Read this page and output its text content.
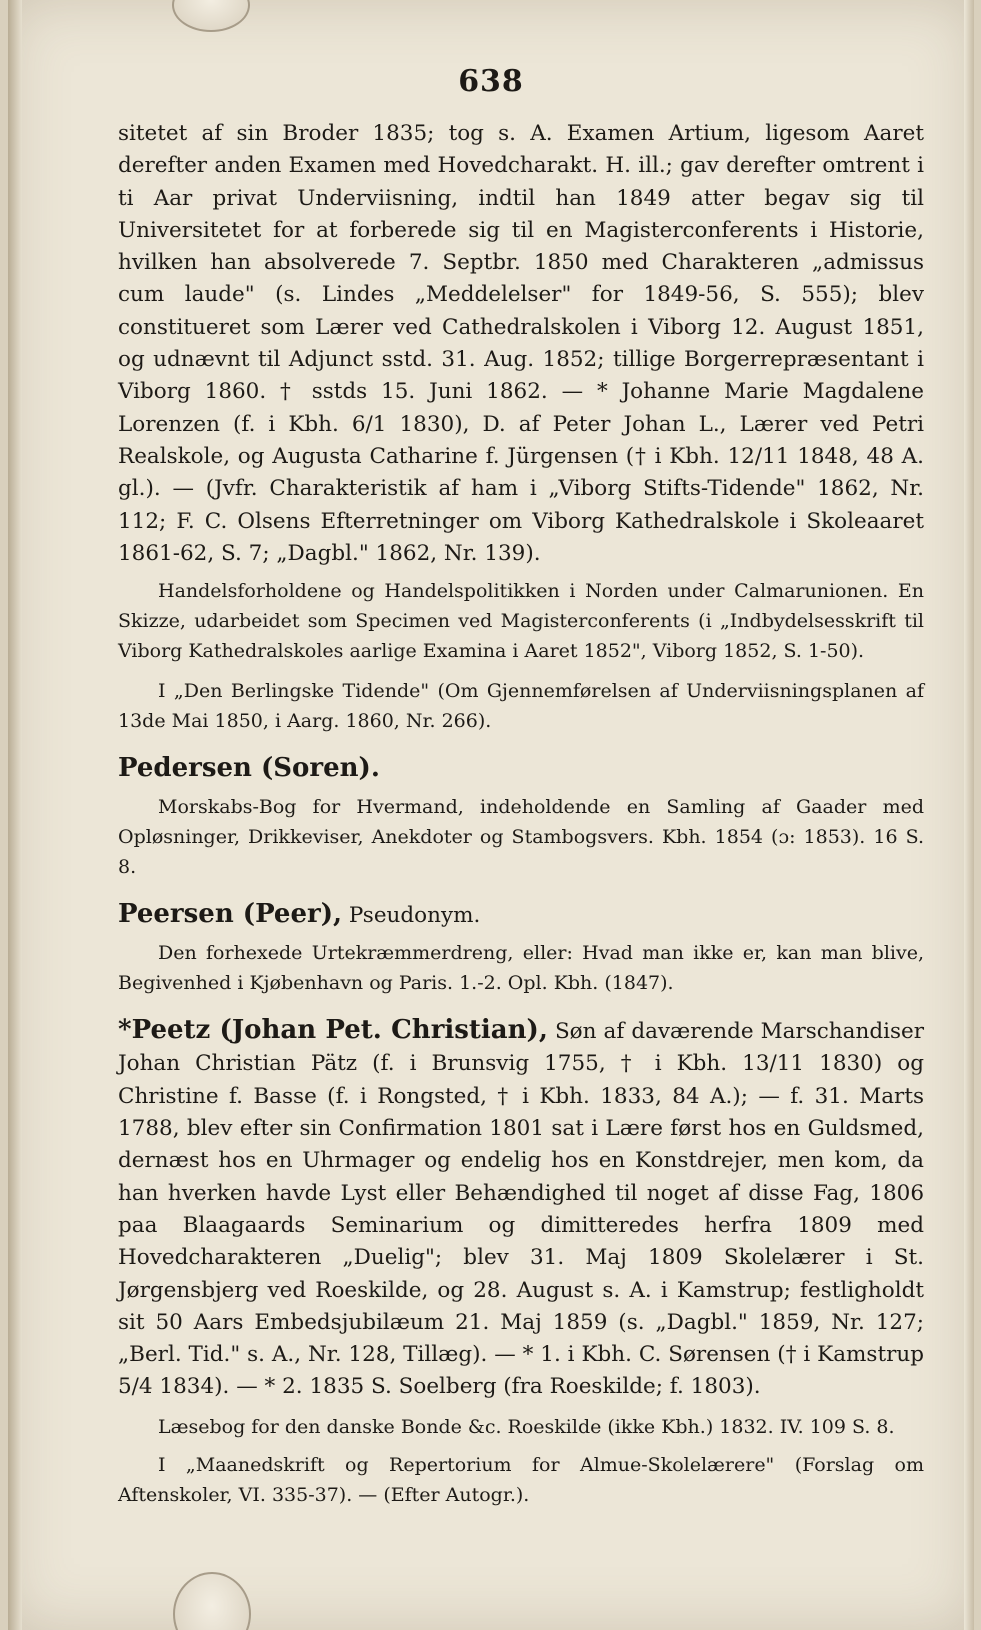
638

sitetet af sin Broder 1835; tog s. A. Examen Artium, ligesom Aaret derefter anden Examen med Hovedcharakt. H. ill.; gav derefter omtrent i ti Aar privat Underviisning, indtil han 1849 atter begav sig til Universitetet for at forberede sig til en Magisterconferents i Historie, hvilken han absolverede 7. Septbr. 1850 med Charakteren „admissus cum laude" (s. Lindes „Meddelelser" for 1849-56, S. 555); blev constitueret som Lærer ved Cathedralskolen i Viborg 12. August 1851, og udnævnt til Adjunct sstd. 31. Aug. 1852; tillige Borgerrepræsentant i Viborg 1860. † sstds 15. Juni 1862. — * Johanne Marie Magdalene Lorenzen (f. i Kbh. 6/1 1830), D. af Peter Johan L., Lærer ved Petri Realskole, og Augusta Catharine f. Jürgensen († i Kbh. 12/11 1848, 48 A. gl.). — (Jvfr. Charakteristik af ham i „Viborg Stifts-Tidende" 1862, Nr. 112; F. C. Olsens Efterretninger om Viborg Kathedralskole i Skoleaaret 1861-62, S. 7; „Dagbl." 1862, Nr. 139).

Handelsforholdene og Handelspolitikken i Norden under Calmarunionen. En Skizze, udarbeidet som Specimen ved Magisterconferents (i „Indbydelsesskrift til Viborg Kathedralskoles aarlige Examina i Aaret 1852", Viborg 1852, S. 1-50).

I „Den Berlingske Tidende" (Om Gjennemførelsen af Underviisningsplanen af 13de Mai 1850, i Aarg. 1860, Nr. 266).

Pedersen (Soren).

Morskabs-Bog for Hvermand, indeholdende en Samling af Gaader med Opløsninger, Drikkeviser, Anekdoter og Stambogsvers. Kbh. 1854 (ɔ: 1853). 16 S. 8.

Peersen (Peer), Pseudonym.

Den forhexede Urtekræmmerdreng, eller: Hvad man ikke er, kan man blive, Begivenhed i Kjøbenhavn og Paris. 1.-2. Opl. Kbh. (1847).

*Peetz (Johan Pet. Christian), Søn af daværende Marschandiser Johan Christian Pätz (f. i Brunsvig 1755, † i Kbh. 13/11 1830) og Christine f. Basse (f. i Rongsted, † i Kbh. 1833, 84 A.); — f. 31. Marts 1788, blev efter sin Confirmation 1801 sat i Lære først hos en Guldsmed, dernæst hos en Uhrmager og endelig hos en Konstdrejer, men kom, da han hverken havde Lyst eller Behændighed til noget af disse Fag, 1806 paa Blaagaards Seminarium og dimitteredes herfra 1809 med Hovedcharakteren „Duelig"; blev 31. Maj 1809 Skolelærer i St. Jørgensbjerg ved Roeskilde, og 28. August s. A. i Kamstrup; festligholdt sit 50 Aars Embedsjubilæum 21. Maj 1859 (s. „Dagbl." 1859, Nr. 127; „Berl. Tid." s. A., Nr. 128, Tillæg). — * 1. i Kbh. C. Sørensen († i Kamstrup 5/4 1834). — * 2. 1835 S. Soelberg (fra Roeskilde; f. 1803).

Læsebog for den danske Bonde &c. Roeskilde (ikke Kbh.) 1832. IV. 109 S. 8.

I „Maanedskrift og Repertorium for Almue-Skolelærere" (Forslag om Aftenskoler, VI. 335-37). — (Efter Autogr.).
